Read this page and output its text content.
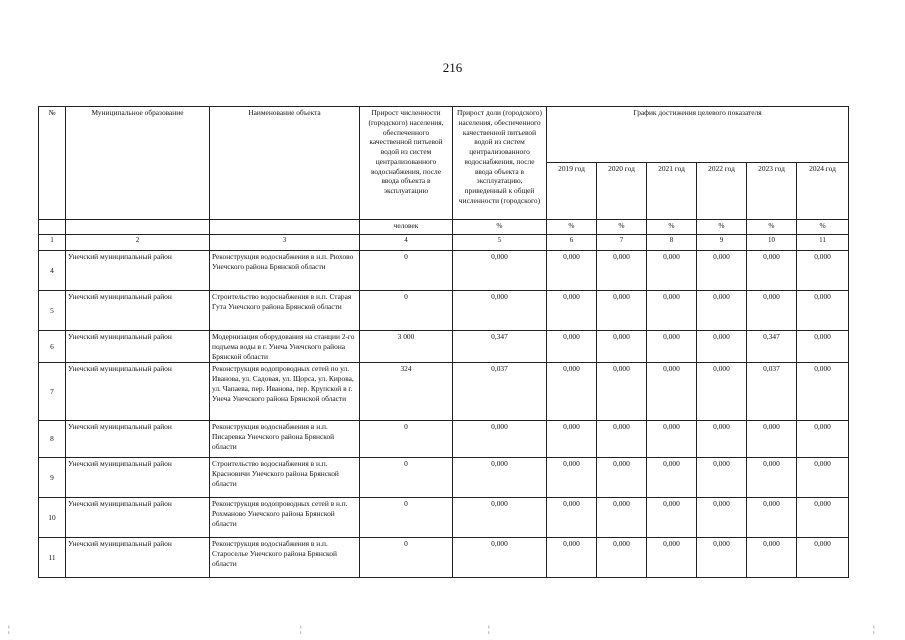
216
№	Муниципальное образование	Наименование объекта	Прирост численности (городского) населения, обеспеченного качественной питьевой водой из систем централизованного водоснабжения, после ввода объекта в эксплуатацию	Прирост доли (городского) населения, обеспеченного качественной питьевой водой из систем централизованного водоснабжения, после ввода объекта в эксплуатацию, приведенный к общей численности (городского)	График достижения целевого показателя					
					2019 год	2020 год	2021 год	2022 год	2023 год	2024 год
			человек	%	%	%	%	%	%	%
1	2	3	4	5	6	7	8	9	10	11
4	Унечский муниципальный район	Реконструкция водоснабжения в н.п. Рюхово Унечского района Брянской области	0	0,000	0,000	0,000	0,000	0,000	0,000	0,000
5	Унечский муниципальный район	Строительство водоснабжения в н.п. Старая Гута Унечского района Брянской области	0	0,000	0,000	0,000	0,000	0,000	0,000	0,000
6	Унечский муниципальный район	Модернизация оборудования на станции 2-го подъема воды в г. Унеча Унечского района Брянской области	3 000	0,347	0,000	0,000	0,000	0,000	0,347	0,000
7	Унечский муниципальный район	Реконструкция водопроводных сетей по ул. Иванова, ул. Садовая, ул. Щорса, ул. Кирова, ул. Чапаева, пер. Иванова, пер. Крупской в г. Унеча Унечского района Брянской области	324	0,037	0,000	0,000	0,000	0,000	0,037	0,000
8	Унечский муниципальный район	Реконструкция водоснабжения в н.п. Писаревка Унечского района Брянской области	0	0,000	0,000	0,000	0,000	0,000	0,000	0,000
9	Унечский муниципальный район	Строительство водоснабжения в н.п. Красновичи Унечского района Брянской области	0	0,000	0,000	0,000	0,000	0,000	0,000	0,000
10	Унечский муниципальный район	Реконструкция водопроводных сетей в н.п. Рохманово Унечского района Брянской области	0	0,000	0,000	0,000	0,000	0,000	0,000	0,000
11	Унечский муниципальный район	Реконструкция водоснабжения в н.п. Староселье Унечского района Брянской области	0	0,000	0,000	0,000	0,000	0,000	0,000	0,000
¦	¦	¦	¦
